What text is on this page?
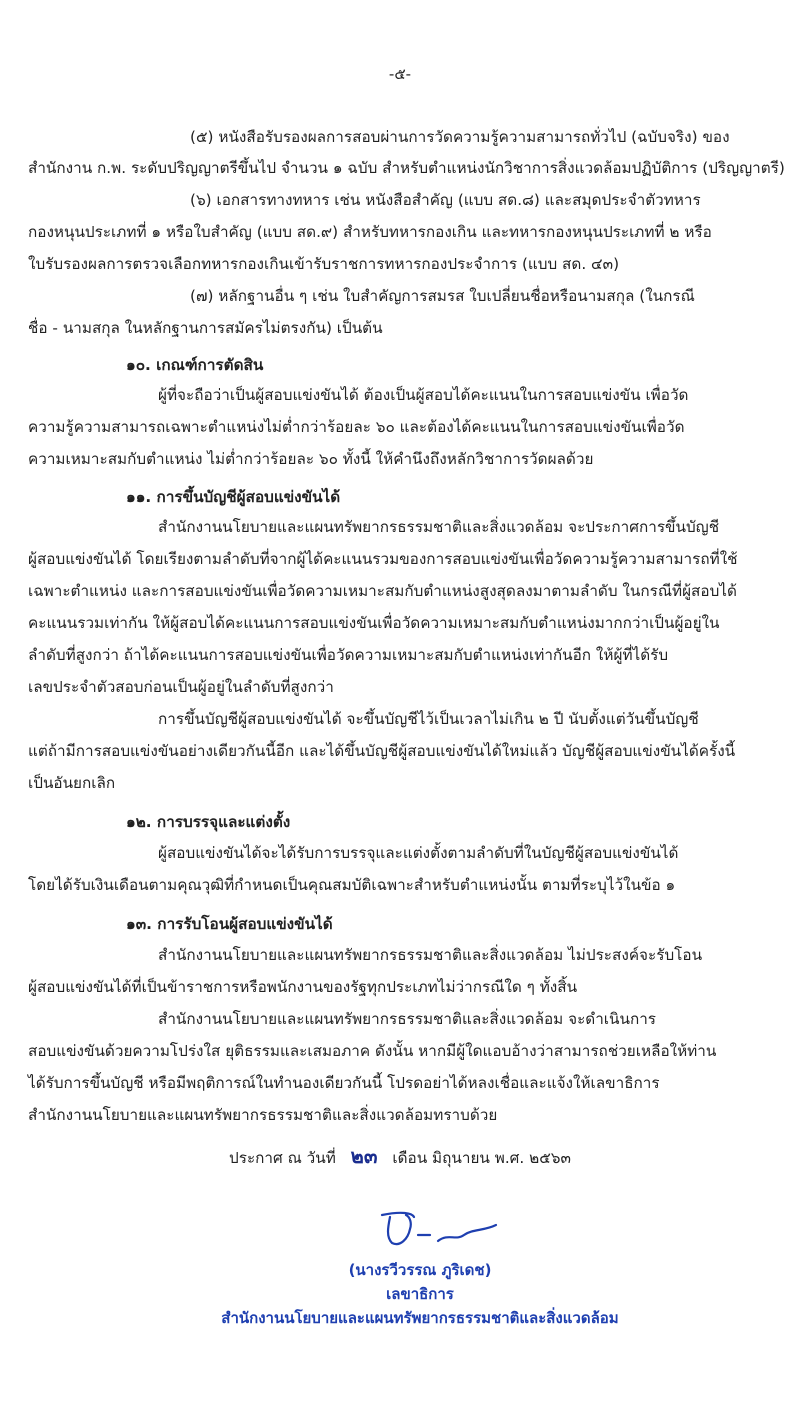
-๕-
(๕) หนังสือรับรองผลการสอบผ่านการวัดความรู้ความสามารถทั่วไป (ฉบับจริง) ของ
สำนักงาน ก.พ. ระดับปริญญาตรีขึ้นไป จำนวน ๑ ฉบับ สำหรับตำแหน่งนักวิชาการสิ่งแวดล้อมปฏิบัติการ (ปริญญาตรี)
(๖) เอกสารทางทหาร เช่น หนังสือสำคัญ (แบบ สด.๘) และสมุดประจำตัวทหาร
กองหนุนประเภทที่ ๑ หรือใบสำคัญ (แบบ สด.๙) สำหรับทหารกองเกิน และทหารกองหนุนประเภทที่ ๒ หรือ
ใบรับรองผลการตรวจเลือกทหารกองเกินเข้ารับราชการทหารกองประจำการ (แบบ สด. ๔๓)
(๗) หลักฐานอื่น ๆ เช่น ใบสำคัญการสมรส ใบเปลี่ยนชื่อหรือนามสกุล (ในกรณี
ชื่อ - นามสกุล ในหลักฐานการสมัครไม่ตรงกัน) เป็นต้น
๑๐. เกณฑ์การตัดสิน
ผู้ที่จะถือว่าเป็นผู้สอบแข่งขันได้ ต้องเป็นผู้สอบได้คะแนนในการสอบแข่งขัน เพื่อวัด
ความรู้ความสามารถเฉพาะตำแหน่งไม่ต่ำกว่าร้อยละ ๖๐ และต้องได้คะแนนในการสอบแข่งขันเพื่อวัด
ความเหมาะสมกับตำแหน่ง ไม่ต่ำกว่าร้อยละ ๖๐ ทั้งนี้ ให้คำนึงถึงหลักวิชาการวัดผลด้วย
๑๑. การขึ้นบัญชีผู้สอบแข่งขันได้
สำนักงานนโยบายและแผนทรัพยากรธรรมชาติและสิ่งแวดล้อม จะประกาศการขึ้นบัญชี
ผู้สอบแข่งขันได้ โดยเรียงตามลำดับที่จากผู้ได้คะแนนรวมของการสอบแข่งขันเพื่อวัดความรู้ความสามารถที่ใช้
เฉพาะตำแหน่ง และการสอบแข่งขันเพื่อวัดความเหมาะสมกับตำแหน่งสูงสุดลงมาตามลำดับ ในกรณีที่ผู้สอบได้
คะแนนรวมเท่ากัน ให้ผู้สอบได้คะแนนการสอบแข่งขันเพื่อวัดความเหมาะสมกับตำแหน่งมากกว่าเป็นผู้อยู่ใน
ลำดับที่สูงกว่า ถ้าได้คะแนนการสอบแข่งขันเพื่อวัดความเหมาะสมกับตำแหน่งเท่ากันอีก ให้ผู้ที่ได้รับ
เลขประจำตัวสอบก่อนเป็นผู้อยู่ในลำดับที่สูงกว่า
การขึ้นบัญชีผู้สอบแข่งขันได้ จะขึ้นบัญชีไว้เป็นเวลาไม่เกิน ๒ ปี นับตั้งแต่วันขึ้นบัญชี
แต่ถ้ามีการสอบแข่งขันอย่างเดียวกันนี้อีก และได้ขึ้นบัญชีผู้สอบแข่งขันได้ใหม่แล้ว บัญชีผู้สอบแข่งขันได้ครั้งนี้
เป็นอันยกเลิก
๑๒. การบรรจุและแต่งตั้ง
ผู้สอบแข่งขันได้จะได้รับการบรรจุและแต่งตั้งตามลำดับที่ในบัญชีผู้สอบแข่งขันได้
โดยได้รับเงินเดือนตามคุณวุฒิที่กำหนดเป็นคุณสมบัติเฉพาะสำหรับตำแหน่งนั้น ตามที่ระบุไว้ในข้อ ๑
๑๓. การรับโอนผู้สอบแข่งขันได้
สำนักงานนโยบายและแผนทรัพยากรธรรมชาติและสิ่งแวดล้อม ไม่ประสงค์จะรับโอน
ผู้สอบแข่งขันได้ที่เป็นข้าราชการหรือพนักงานของรัฐทุกประเภทไม่ว่ากรณีใด ๆ ทั้งสิ้น
สำนักงานนโยบายและแผนทรัพยากรธรรมชาติและสิ่งแวดล้อม จะดำเนินการ
สอบแข่งขันด้วยความโปร่งใส ยุติธรรมและเสมอภาค ดังนั้น หากมีผู้ใดแอบอ้างว่าสามารถช่วยเหลือให้ท่าน
ได้รับการขึ้นบัญชี หรือมีพฤติการณ์ในทำนองเดียวกันนี้ โปรดอย่าได้หลงเชื่อและแจ้งให้เลขาธิการ
สำนักงานนโยบายและแผนทรัพยากรธรรมชาติและสิ่งแวดล้อมทราบด้วย
ประกาศ ณ วันที่ ๒๓ เดือน มิถุนายน พ.ศ. ๒๕๖๓
(นางรวีวรรณ ภูริเดช)
เลขาธิการ
สำนักงานนโยบายและแผนทรัพยากรธรรมชาติและสิ่งแวดล้อม
